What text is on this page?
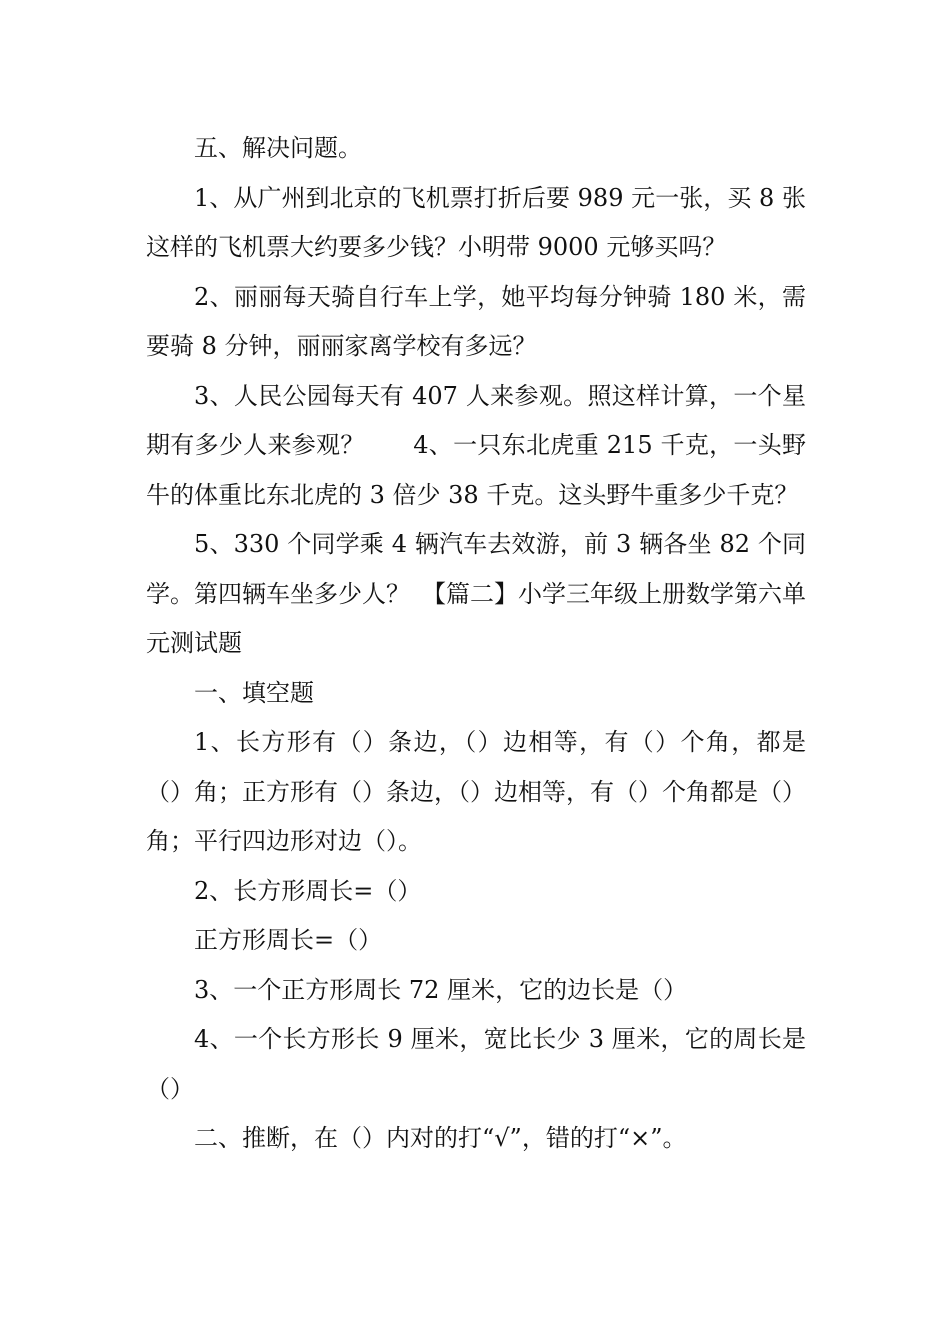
五、解决问题。

1、从广州到北京的飞机票打折后要 989 元一张，买 8 张这样的飞机票大约要多少钱？小明带 9000 元够买吗？

2、丽丽每天骑自行车上学，她平均每分钟骑 180 米，需要骑 8 分钟，丽丽家离学校有多远？

3、人民公园每天有 407 人来参观。照这样计算，一个星期有多少人来参观？　　4、一只东北虎重 215 千克，一头野牛的体重比东北虎的 3 倍少 38 千克。这头野牛重多少千克？

5、330 个同学乘 4 辆汽车去效游，前 3 辆各坐 82 个同学。第四辆车坐多少人？　【篇二】小学三年级上册数学第六单元测试题

一、填空题

1、长方形有（）条边，（）边相等，有（）个角，都是（）角；正方形有（）条边，（）边相等，有（）个角都是（）角；平行四边形对边（）。

2、长方形周长=（）

正方形周长=（）

3、一个正方形周长 72 厘米，它的边长是（）

4、一个长方形长 9 厘米，宽比长少 3 厘米，它的周长是（）

二、推断，在（）内对的打“√”，错的打“×”。
